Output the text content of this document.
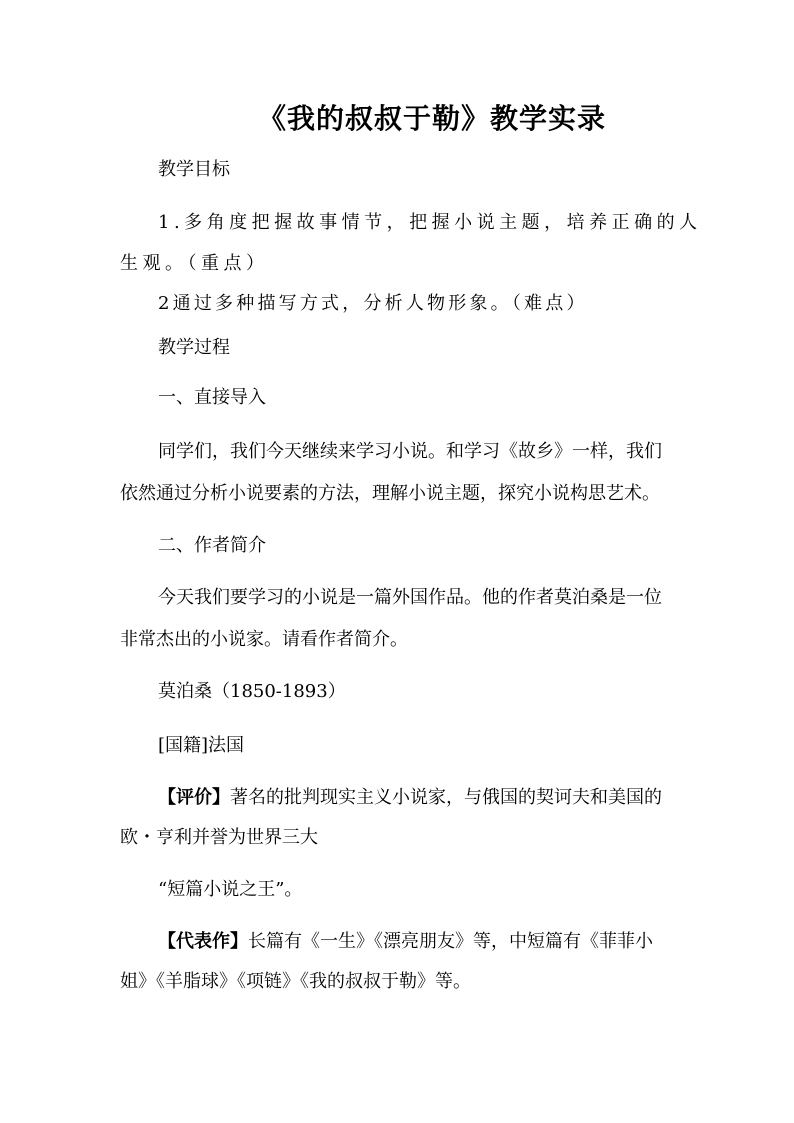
《我的叔叔于勒》教学实录
教学目标
1.多角度把握故事情节，把握小说主题，培养正确的人
生观。（重点）
2通过多种描写方式，分析人物形象。（难点）
教学过程
一、直接导入
同学们，我们今天继续来学习小说。和学习《故乡》一样，我们
依然通过分析小说要素的方法，理解小说主题，探究小说构思艺术。
二、作者简介
今天我们要学习的小说是一篇外国作品。他的作者莫泊桑是一位
非常杰出的小说家。请看作者简介。
莫泊桑（1850-1893）
[国籍]法国
【评价】著名的批判现实主义小说家，与俄国的契诃夫和美国的
欧・亨利并誉为世界三大
“短篇小说之王”。
【代表作】长篇有《一生》《漂亮朋友》等，中短篇有《菲菲小
姐》《羊脂球》《项链》《我的叔叔于勒》等。
